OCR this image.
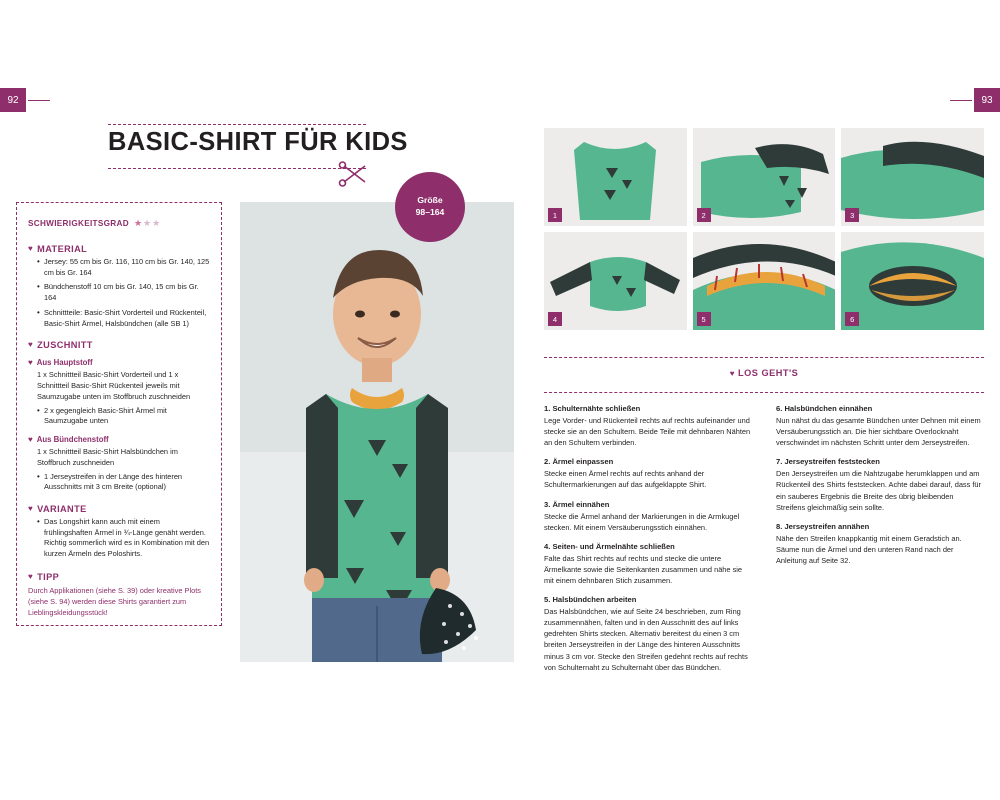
92	93
BASIC-SHIRT FÜR KIDS
SCHWIERIGKEITSGRAD ★★★
♥ MATERIAL
• Jersey: 55 cm bis Gr. 116, 110 cm bis Gr. 140, 125 cm bis Gr. 164
• Bündchenstoff 10 cm bis Gr. 140, 15 cm bis Gr. 164
• Schnittteile: Basic-Shirt Vorderteil und Rückenteil, Basic-Shirt Ärmel, Halsbündchen (alle SB 1)
♥ ZUSCHNITT
♥ Aus Hauptstoff
1 x Schnittteil Basic-Shirt Vorderteil und 1 x Schnittteil Basic-Shirt Rückenteil jeweils mit Saumzugabe unten im Stoffbruch zuschneiden
• 2 x gegengleich Basic-Shirt Ärmel mit Saumzugabe unten
♥ Aus Bündchenstoff
1 x Schnittteil Basic-Shirt Halsbündchen im Stoffbruch zuschneiden
• 1 Jerseystreifen in der Länge des hinteren Ausschnitts mit 3 cm Breite (optional)
♥ VARIANTE
• Das Longshirt kann auch mit einem frühlingshaften Ärmel in ¾-Länge genäht werden. Richtig sommerlich wird es in Kombination mit den kurzen Ärmeln des Poloshirts.
♥ TIPP
Durch Applikationen (siehe S. 39) oder kreative Plots (siehe S. 94) werden diese Shirts garantiert zum Lieblingskleidungsstück!
Größe
98–164	1	2	3
4	5	6
♥ LOS GEHT'S
1. Schulternähte schließen
Lege Vorder- und Rückenteil rechts auf rechts aufeinander und stecke sie an den Schultern. Beide Teile mit dehnbaren Nähten an den Schultern verbinden.
2. Ärmel einpassen
Stecke einen Ärmel rechts auf rechts anhand der Schultermarkierungen auf das aufgeklappte Shirt.
3. Ärmel einnähen
Stecke die Ärmel anhand der Markierungen in die Armkugel stecken. Mit einem Versäuberungsstich einnähen.
4. Seiten- und Ärmelnähte schließen
Falte das Shirt rechts auf rechts und stecke die untere Ärmelkante sowie die Seitenkanten zusammen und nähe sie mit einem dehnbaren Stich zusammen.
5. Halsbündchen arbeiten
Das Halsbündchen, wie auf Seite 24 beschrieben, zum Ring zusammennähen, falten und in den Ausschnitt des auf links gedrehten Shirts stecken. Alternativ bereitest du einen 3 cm breiten Jerseystreifen in der Länge des hinteren Ausschnitts minus 3 cm vor. Stecke den Streifen gedehnt rechts auf rechts von Schulternaht zu Schulternaht über das Bündchen.
6. Halsbündchen einnähen
Nun nähst du das gesamte Bündchen unter Dehnen mit einem Versäuberungsstich an. Die hier sichtbare Overlocknaht verschwindet im nächsten Schritt unter dem Jerseystreifen.
7. Jerseystreifen feststecken
Den Jerseystreifen um die Nahtzugabe herumklappen und am Rückenteil des Shirts feststecken. Achte dabei darauf, dass für ein sauberes Ergebnis die Breite des übrig bleibenden Streifens gleichmäßig sein sollte.
8. Jerseystreifen annähen
Nähe den Streifen knappkantig mit einem Geradstich an. Säume nun die Ärmel und den unteren Rand nach der Anleitung auf Seite 32.
